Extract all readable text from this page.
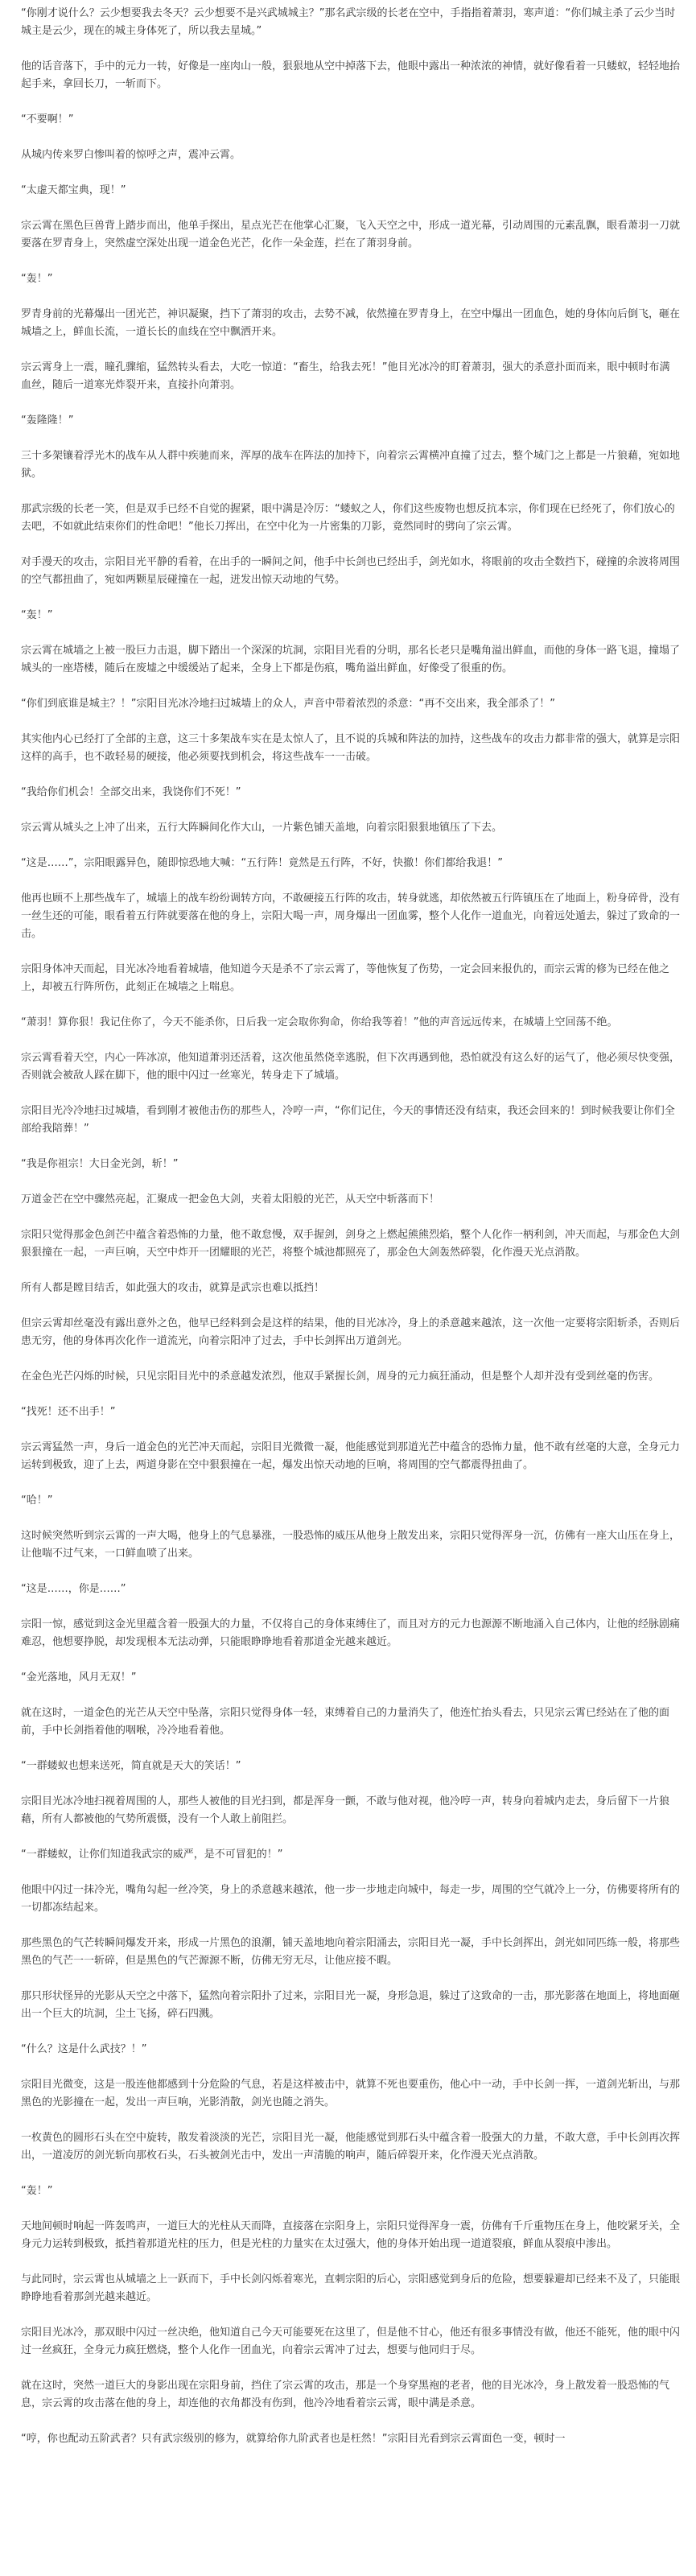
“你刚才说什么？云少想要我去冬天？云少想要不是兴武城城主？”那名武宗级的长老在空中，手指指着萧羽，寒声道：“你们城主杀了云少当时城主是云少，现在的城主身体死了，所以我去星城。”

他的话音落下，手中的元力一转，好像是一座肉山一般，狠狠地从空中掉落下去，他眼中露出一种浓浓的神情，就好像看着一只蝼蚁，轻轻地抬起手来，拿回长刀，一斩而下。

“不要啊！”

从城内传来罗白惨叫着的惊呼之声，震冲云霄。

“太虚天都宝典，现！”

宗云霄在黑色巨兽背上踏步而出，他单手探出，星点光芒在他掌心汇聚，飞入天空之中，形成一道光幕，引动周围的元素乱飘，眼看萧羽一刀就要落在罗青身上，突然虚空深处出现一道金色光芒，化作一朵金莲，拦在了萧羽身前。

“轰！”

罗青身前的光幕爆出一团光芒，神识凝聚，挡下了萧羽的攻击，去势不减，依然撞在罗青身上，在空中爆出一团血色，她的身体向后倒飞，砸在城墙之上，鲜血长流，一道长长的血线在空中飘洒开来。

宗云霄身上一震，瞳孔骤缩，猛然转头看去，大吃一惊道：“畜生，给我去死！”他目光冰冷的盯着萧羽，强大的杀意扑面而来，眼中顿时布满血丝，随后一道寒光炸裂开来，直接扑向萧羽。

“轰隆隆！”

三十多架镶着浮光木的战车从人群中疾驰而来，浑厚的战车在阵法的加持下，向着宗云霄横冲直撞了过去，整个城门之上都是一片狼藉，宛如地狱。

那武宗级的长老一笑，但是双手已经不自觉的握紧，眼中满是冷厉：“蝼蚁之人，你们这些废物也想反抗本宗，你们现在已经死了，你们放心的去吧，不如就此结束你们的性命吧！”他长刀挥出，在空中化为一片密集的刀影，竟然同时的劈向了宗云霄。

对手漫天的攻击，宗阳目光平静的看着，在出手的一瞬间之间，他手中长剑也已经出手，剑光如水，将眼前的攻击全数挡下，碰撞的余波将周围的空气都扭曲了，宛如两颗星辰碰撞在一起，迸发出惊天动地的气势。

“轰！”

宗云霄在城墙之上被一股巨力击退，脚下踏出一个深深的坑洞，宗阳目光看的分明，那名长老只是嘴角溢出鲜血，而他的身体一路飞退，撞塌了城头的一座塔楼，随后在废墟之中缓缓站了起来，全身上下都是伤痕，嘴角溢出鲜血，好像受了很重的伤。

“你们到底谁是城主？！”宗阳目光冰冷地扫过城墙上的众人，声音中带着浓烈的杀意：“再不交出来，我全部杀了！”

其实他内心已经打了全部的主意，这三十多架战车实在是太惊人了，且不说的兵城和阵法的加持，这些战车的攻击力都非常的强大，就算是宗阳这样的高手，也不敢轻易的硬接，他必须要找到机会，将这些战车一一击破。

“我给你们机会！全部交出来，我饶你们不死！”

宗云霄从城头之上冲了出来，五行大阵瞬间化作大山，一片紫色铺天盖地，向着宗阳狠狠地镇压了下去。

“这是……”，宗阳眼露异色，随即惊恐地大喊：“五行阵！竟然是五行阵，不好，快撤！你们都给我退！”

他再也顾不上那些战车了，城墙上的战车纷纷调转方向，不敢硬接五行阵的攻击，转身就逃，却依然被五行阵镇压在了地面上，粉身碎骨，没有一丝生还的可能，眼看着五行阵就要落在他的身上，宗阳大喝一声，周身爆出一团血雾，整个人化作一道血光，向着远处遁去，躲过了致命的一击。

宗阳身体冲天而起，目光冰冷地看着城墙，他知道今天是杀不了宗云霄了，等他恢复了伤势，一定会回来报仇的，而宗云霄的修为已经在他之上，却被五行阵所伤，此刻正在城墙之上喘息。

“萧羽！算你狠！我记住你了，今天不能杀你，日后我一定会取你狗命，你给我等着！”他的声音远远传来，在城墙上空回荡不绝。

宗云霄看着天空，内心一阵冰凉，他知道萧羽还活着，这次他虽然侥幸逃脱，但下次再遇到他，恐怕就没有这么好的运气了，他必须尽快变强，否则就会被敌人踩在脚下，他的眼中闪过一丝寒光，转身走下了城墙。

宗阳目光冷冷地扫过城墙，看到刚才被他击伤的那些人，冷哼一声，“你们记住，今天的事情还没有结束，我还会回来的！到时候我要让你们全部给我陪葬！”

“我是你祖宗！大日金光剑，斩！”

万道金芒在空中骤然亮起，汇聚成一把金色大剑，夹着太阳般的光芒，从天空中斩落而下！

宗阳只觉得那金色剑芒中蕴含着恐怖的力量，他不敢怠慢，双手握剑，剑身之上燃起熊熊烈焰，整个人化作一柄利剑，冲天而起，与那金色大剑狠狠撞在一起，一声巨响，天空中炸开一团耀眼的光芒，将整个城池都照亮了，那金色大剑轰然碎裂，化作漫天光点消散。

所有人都是瞠目结舌，如此强大的攻击，就算是武宗也难以抵挡！

但宗云霄却丝毫没有露出意外之色，他早已经料到会是这样的结果，他的目光冰冷，身上的杀意越来越浓，这一次他一定要将宗阳斩杀，否则后患无穷，他的身体再次化作一道流光，向着宗阳冲了过去，手中长剑挥出万道剑光。

在金色光芒闪烁的时候，只见宗阳目光中的杀意越发浓烈，他双手紧握长剑，周身的元力疯狂涌动，但是整个人却并没有受到丝毫的伤害。

“找死！还不出手！”

宗云霄猛然一声，身后一道金色的光芒冲天而起，宗阳目光微微一凝，他能感觉到那道光芒中蕴含的恐怖力量，他不敢有丝毫的大意，全身元力运转到极致，迎了上去，两道身影在空中狠狠撞在一起，爆发出惊天动地的巨响，将周围的空气都震得扭曲了。

“哈！”

这时候突然听到宗云霄的一声大喝，他身上的气息暴涨，一股恐怖的威压从他身上散发出来，宗阳只觉得浑身一沉，仿佛有一座大山压在身上，让他喘不过气来，一口鲜血喷了出来。

“这是……，你是……”

宗阳一惊，感觉到这金光里蕴含着一股强大的力量，不仅将自己的身体束缚住了，而且对方的元力也源源不断地涌入自己体内，让他的经脉剧痛难忍，他想要挣脱，却发现根本无法动弹，只能眼睁睁地看着那道金光越来越近。

“金光落地，风月无双！”

就在这时，一道金色的光芒从天空中坠落，宗阳只觉得身体一轻，束缚着自己的力量消失了，他连忙抬头看去，只见宗云霄已经站在了他的面前，手中长剑指着他的咽喉，冷冷地看着他。

“一群蝼蚁也想来送死，简直就是天大的笑话！”

宗阳目光冰冷地扫视着周围的人，那些人被他的目光扫到，都是浑身一颤，不敢与他对视，他冷哼一声，转身向着城内走去，身后留下一片狼藉，所有人都被他的气势所震慑，没有一个人敢上前阻拦。

“一群蝼蚁，让你们知道我武宗的威严，是不可冒犯的！”

他眼中闪过一抹冷光，嘴角勾起一丝冷笑，身上的杀意越来越浓，他一步一步地走向城中，每走一步，周围的空气就冷上一分，仿佛要将所有的一切都冻结起来。

那些黑色的气芒转瞬间爆发开来，形成一片黑色的浪潮，铺天盖地地向着宗阳涌去，宗阳目光一凝，手中长剑挥出，剑光如同匹练一般，将那些黑色的气芒一一斩碎，但是黑色的气芒源源不断，仿佛无穷无尽，让他应接不暇。

那只形状怪异的光影从天空之中落下，猛然向着宗阳扑了过来，宗阳目光一凝，身形急退，躲过了这致命的一击，那光影落在地面上，将地面砸出一个巨大的坑洞，尘土飞扬，碎石四溅。

“什么？这是什么武技？！”

宗阳目光微变，这是一股连他都感到十分危险的气息，若是这样被击中，就算不死也要重伤，他心中一动，手中长剑一挥，一道剑光斩出，与那黑色的光影撞在一起，发出一声巨响，光影消散，剑光也随之消失。

一枚黄色的圆形石头在空中旋转，散发着淡淡的光芒，宗阳目光一凝，他能感觉到那石头中蕴含着一股强大的力量，不敢大意，手中长剑再次挥出，一道凌厉的剑光斩向那枚石头，石头被剑光击中，发出一声清脆的响声，随后碎裂开来，化作漫天光点消散。

“轰！”

天地间顿时响起一阵轰鸣声，一道巨大的光柱从天而降，直接落在宗阳身上，宗阳只觉得浑身一震，仿佛有千斤重物压在身上，他咬紧牙关，全身元力运转到极致，抵挡着那道光柱的压力，但是光柱的力量实在太过强大，他的身体开始出现一道道裂痕，鲜血从裂痕中渗出。

与此同时，宗云霄也从城墙之上一跃而下，手中长剑闪烁着寒光，直刺宗阳的后心，宗阳感觉到身后的危险，想要躲避却已经来不及了，只能眼睁睁地看着那剑光越来越近。

宗阳目光冰冷，那双眼中闪过一丝决绝，他知道自己今天可能要死在这里了，但是他不甘心，他还有很多事情没有做，他还不能死，他的眼中闪过一丝疯狂，全身元力疯狂燃烧，整个人化作一团血光，向着宗云霄冲了过去，想要与他同归于尽。

就在这时，突然一道巨大的身影出现在宗阳身前，挡住了宗云霄的攻击，那是一个身穿黑袍的老者，他的目光冰冷，身上散发着一股恐怖的气息，宗云霄的攻击落在他的身上，却连他的衣角都没有伤到，他冷冷地看着宗云霄，眼中满是杀意。

“哼，你也配动五阶武者？只有武宗级别的修为，就算给你九阶武者也是枉然！”宗阳目光看到宗云霄面色一变，顿时一
